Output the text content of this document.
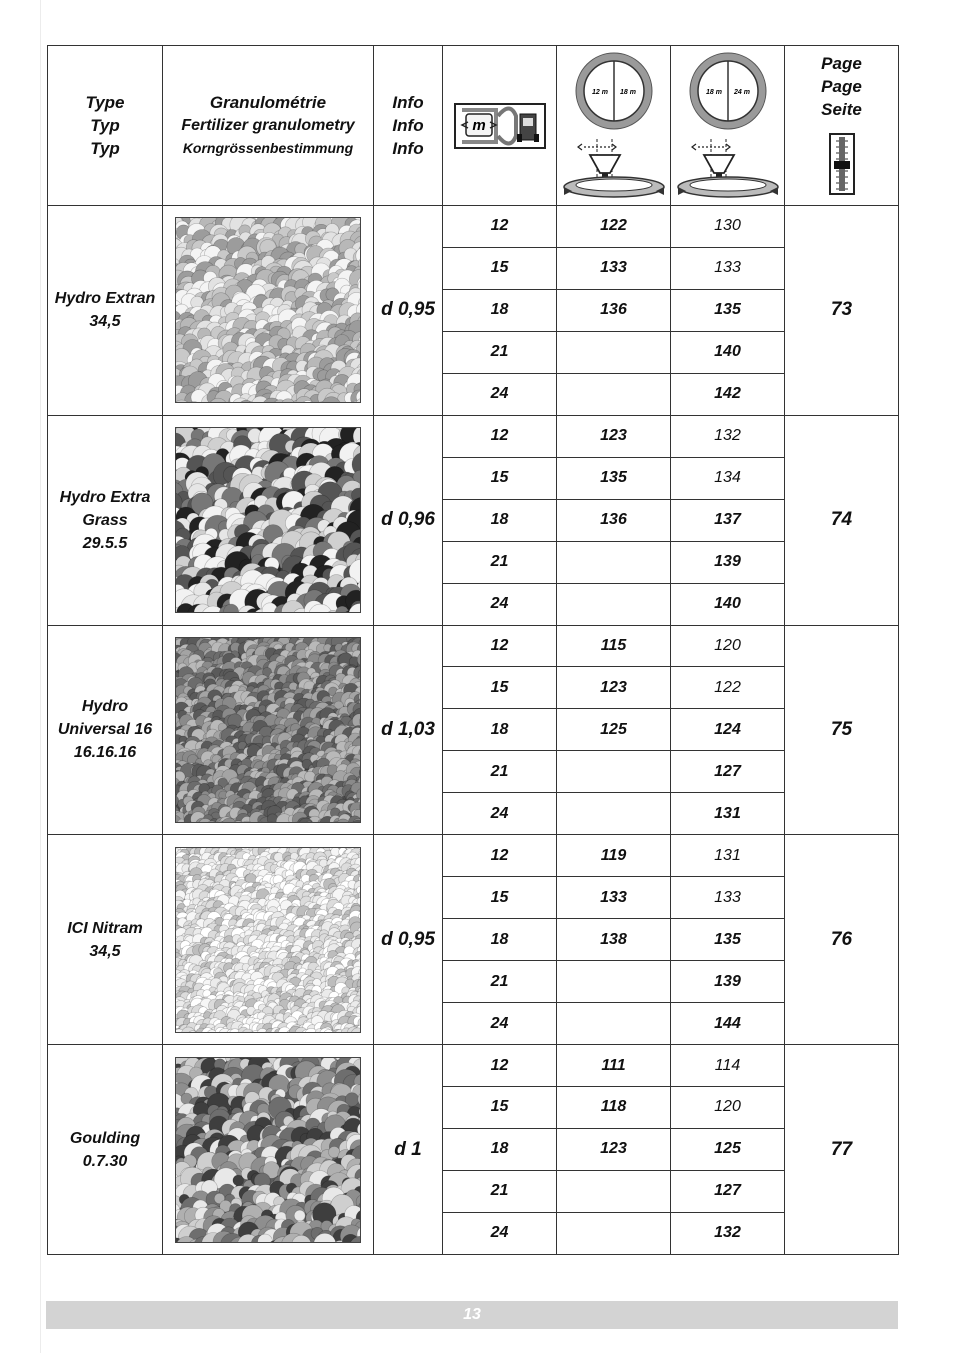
Type
Typ
Typ	Granulométrie
Fertilizer granulometry
Korngrössenbestimmung	Info
Info
Info	m	12 m 18 m	18 m 24 m	Page
Page
Seite

Hydro Extran
34,5		d 0,95	12	122	130	73
			15	133	133	
			18	136	135	
			21		140	
			24		142	

Hydro Extra
Grass
29.5.5		d 0,96	12	123	132	74
			15	135	134	
			18	136	137	
			21		139	
			24		140	

Hydro
Universal 16
16.16.16		d 1,03	12	115	120	75
			15	123	122	
			18	125	124	
			21		127	
			24		131	

ICI Nitram
34,5		d 0,95	12	119	131	76
			15	133	133	
			18	138	135	
			21		139	
			24		144	

Goulding
0.7.30		d 1	12	111	114	77
			15	118	120	
			18	123	125	
			21		127	
			24		132	
13
